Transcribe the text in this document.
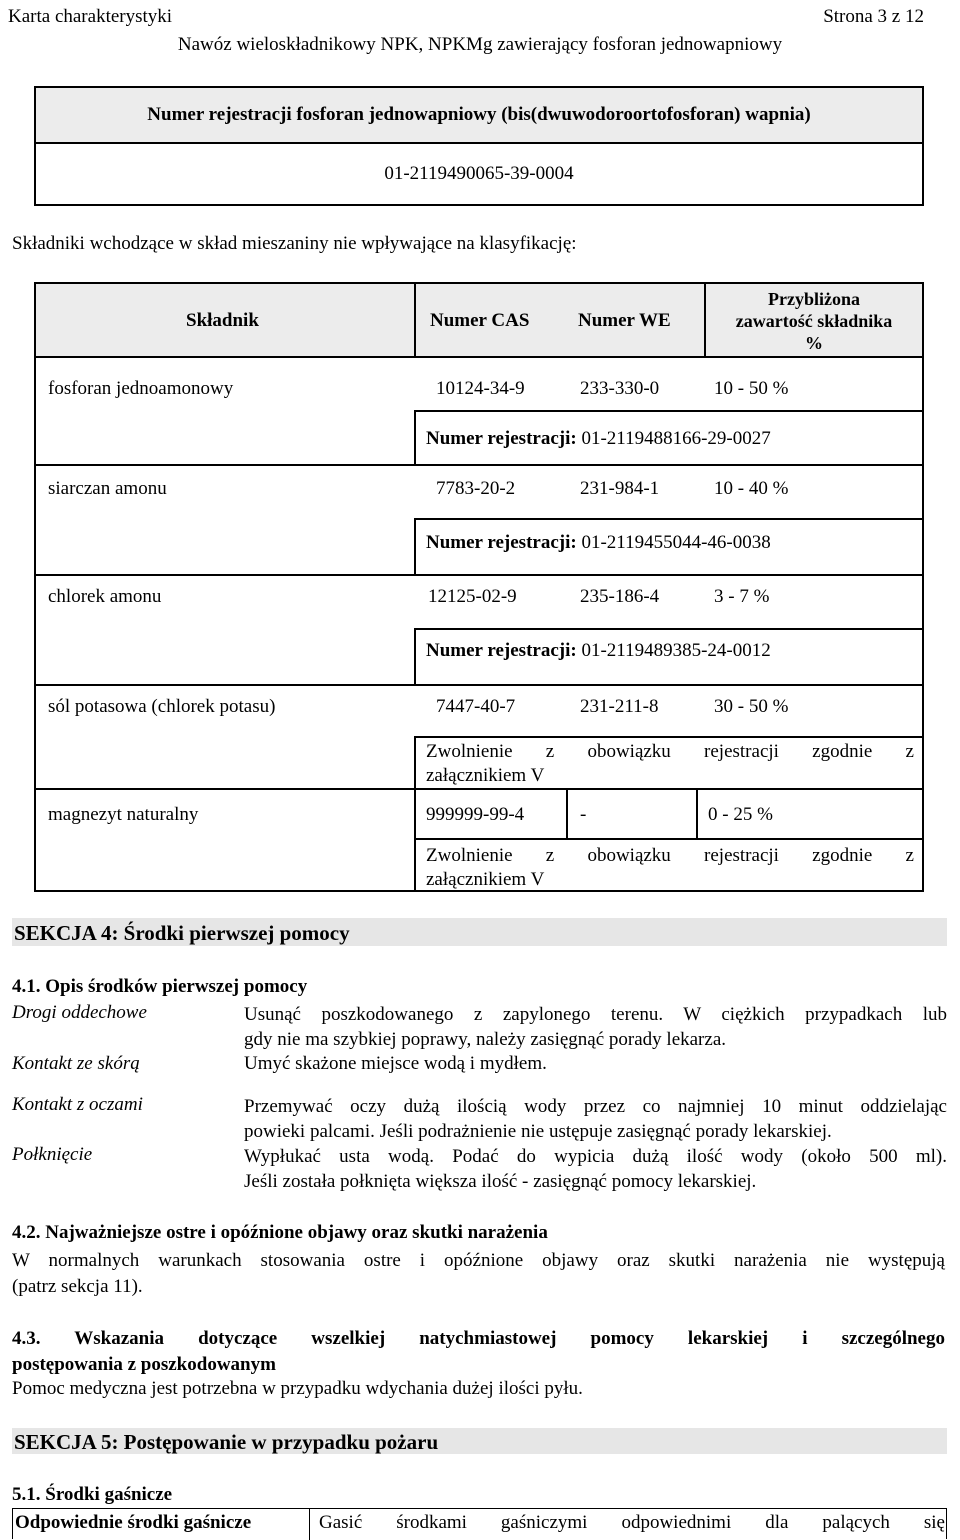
Karta charakterystyki	Strona 3 z 12
Nawóz wieloskładnikowy NPK, NPKMg zawierający fosforan jednowapniowy
Numer rejestracji fosforan jednowapniowy (bis(dwuwodoroortofosforan) wapnia)
01-2119490065-39-0004
Składniki wchodzące w skład mieszaniny nie wpływające na klasyfikację:
Składnik	Numer CAS	Numer WE
Przybliżona
zawartość składnika
%
fosforan jednoamonowy	10124-34-9	233-330-0	10 - 50 %
Numer rejestracji: 01-2119488166-29-0027
siarczan amonu	7783-20-2	231-984-1	10 - 40 %
Numer rejestracji: 01-2119455044-46-0038
chlorek amonu	12125-02-9	235-186-4	3 - 7 %
Numer rejestracji: 01-2119489385-24-0012
sól potasowa (chlorek potasu)	7447-40-7	231-211-8	30 - 50 %
Zwolnienie z obowiązku rejestracji zgodnie z
załącznikiem V
magnezyt naturalny	999999-99-4	-	0 - 25 %
Zwolnienie z obowiązku rejestracji zgodnie z
załącznikiem V
SEKCJA 4: Środki pierwszej pomocy
4.1. Opis środków pierwszej pomocy
Drogi oddechowe	Usunąć poszkodowanego z zapylonego terenu. W ciężkich przypadkach lub
gdy nie ma szybkiej poprawy, należy zasięgnąć porady lekarza.
Kontakt ze skórą	Umyć skażone miejsce wodą i mydłem.
Kontakt z oczami	Przemywać oczy dużą ilością wody przez co najmniej 10 minut oddzielając
powieki palcami. Jeśli podrażnienie nie ustępuje zasięgnąć porady lekarskiej.
Połknięcie	Wypłukać usta wodą. Podać do wypicia dużą ilość wody (około 500 ml).
Jeśli została połknięta większa ilość - zasięgnąć pomocy lekarskiej.
4.2. Najważniejsze ostre i opóźnione objawy oraz skutki narażenia
W normalnych warunkach stosowania ostre i opóźnione objawy oraz skutki narażenia nie występują
(patrz sekcja 11).
4.3. Wskazania dotyczące wszelkiej natychmiastowej pomocy lekarskiej i szczególnego
postępowania z poszkodowanym
Pomoc medyczna jest potrzebna w przypadku wdychania dużej ilości pyłu.
SEKCJA 5: Postępowanie w przypadku pożaru
5.1. Środki gaśnicze
Odpowiednie środki gaśnicze	Gasić środkami gaśniczymi odpowiednimi dla palących się
